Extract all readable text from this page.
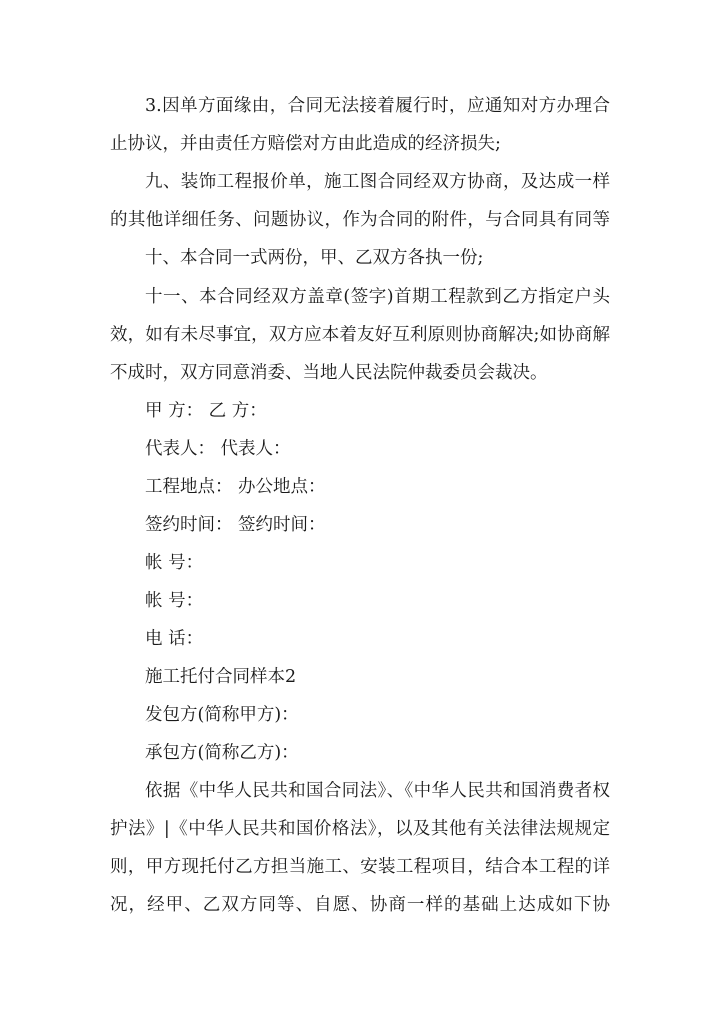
3.因单方面缘由，合同无法接着履行时，应通知对方办理合
止协议，并由责任方赔偿对方由此造成的经济损失;
九、装饰工程报价单，施工图合同经双方协商，及达成一样
的其他详细任务、问题协议，作为合同的附件，与合同具有同等
十、本合同一式两份，甲、乙双方各执一份;
十一、本合同经双方盖章(签字)首期工程款到乙方指定户头
效，如有未尽事宜，双方应本着友好互利原则协商解决;如协商解
不成时，双方同意消委、当地人民法院仲裁委员会裁决。
甲 方： 乙 方：
代表人： 代表人：
工程地点： 办公地点：
签约时间： 签约时间：
帐 号：
帐 号：
电 话：
施工托付合同样本2
发包方(简称甲方)：
承包方(简称乙方)：
依据《中华人民共和国合同法》、《中华人民共和国消费者权
护法》|《中华人民共和国价格法》，以及其他有关法律法规规定
则，甲方现托付乙方担当施工、安装工程项目，结合本工程的详
况，经甲、乙双方同等、自愿、协商一样的基础上达成如下协
